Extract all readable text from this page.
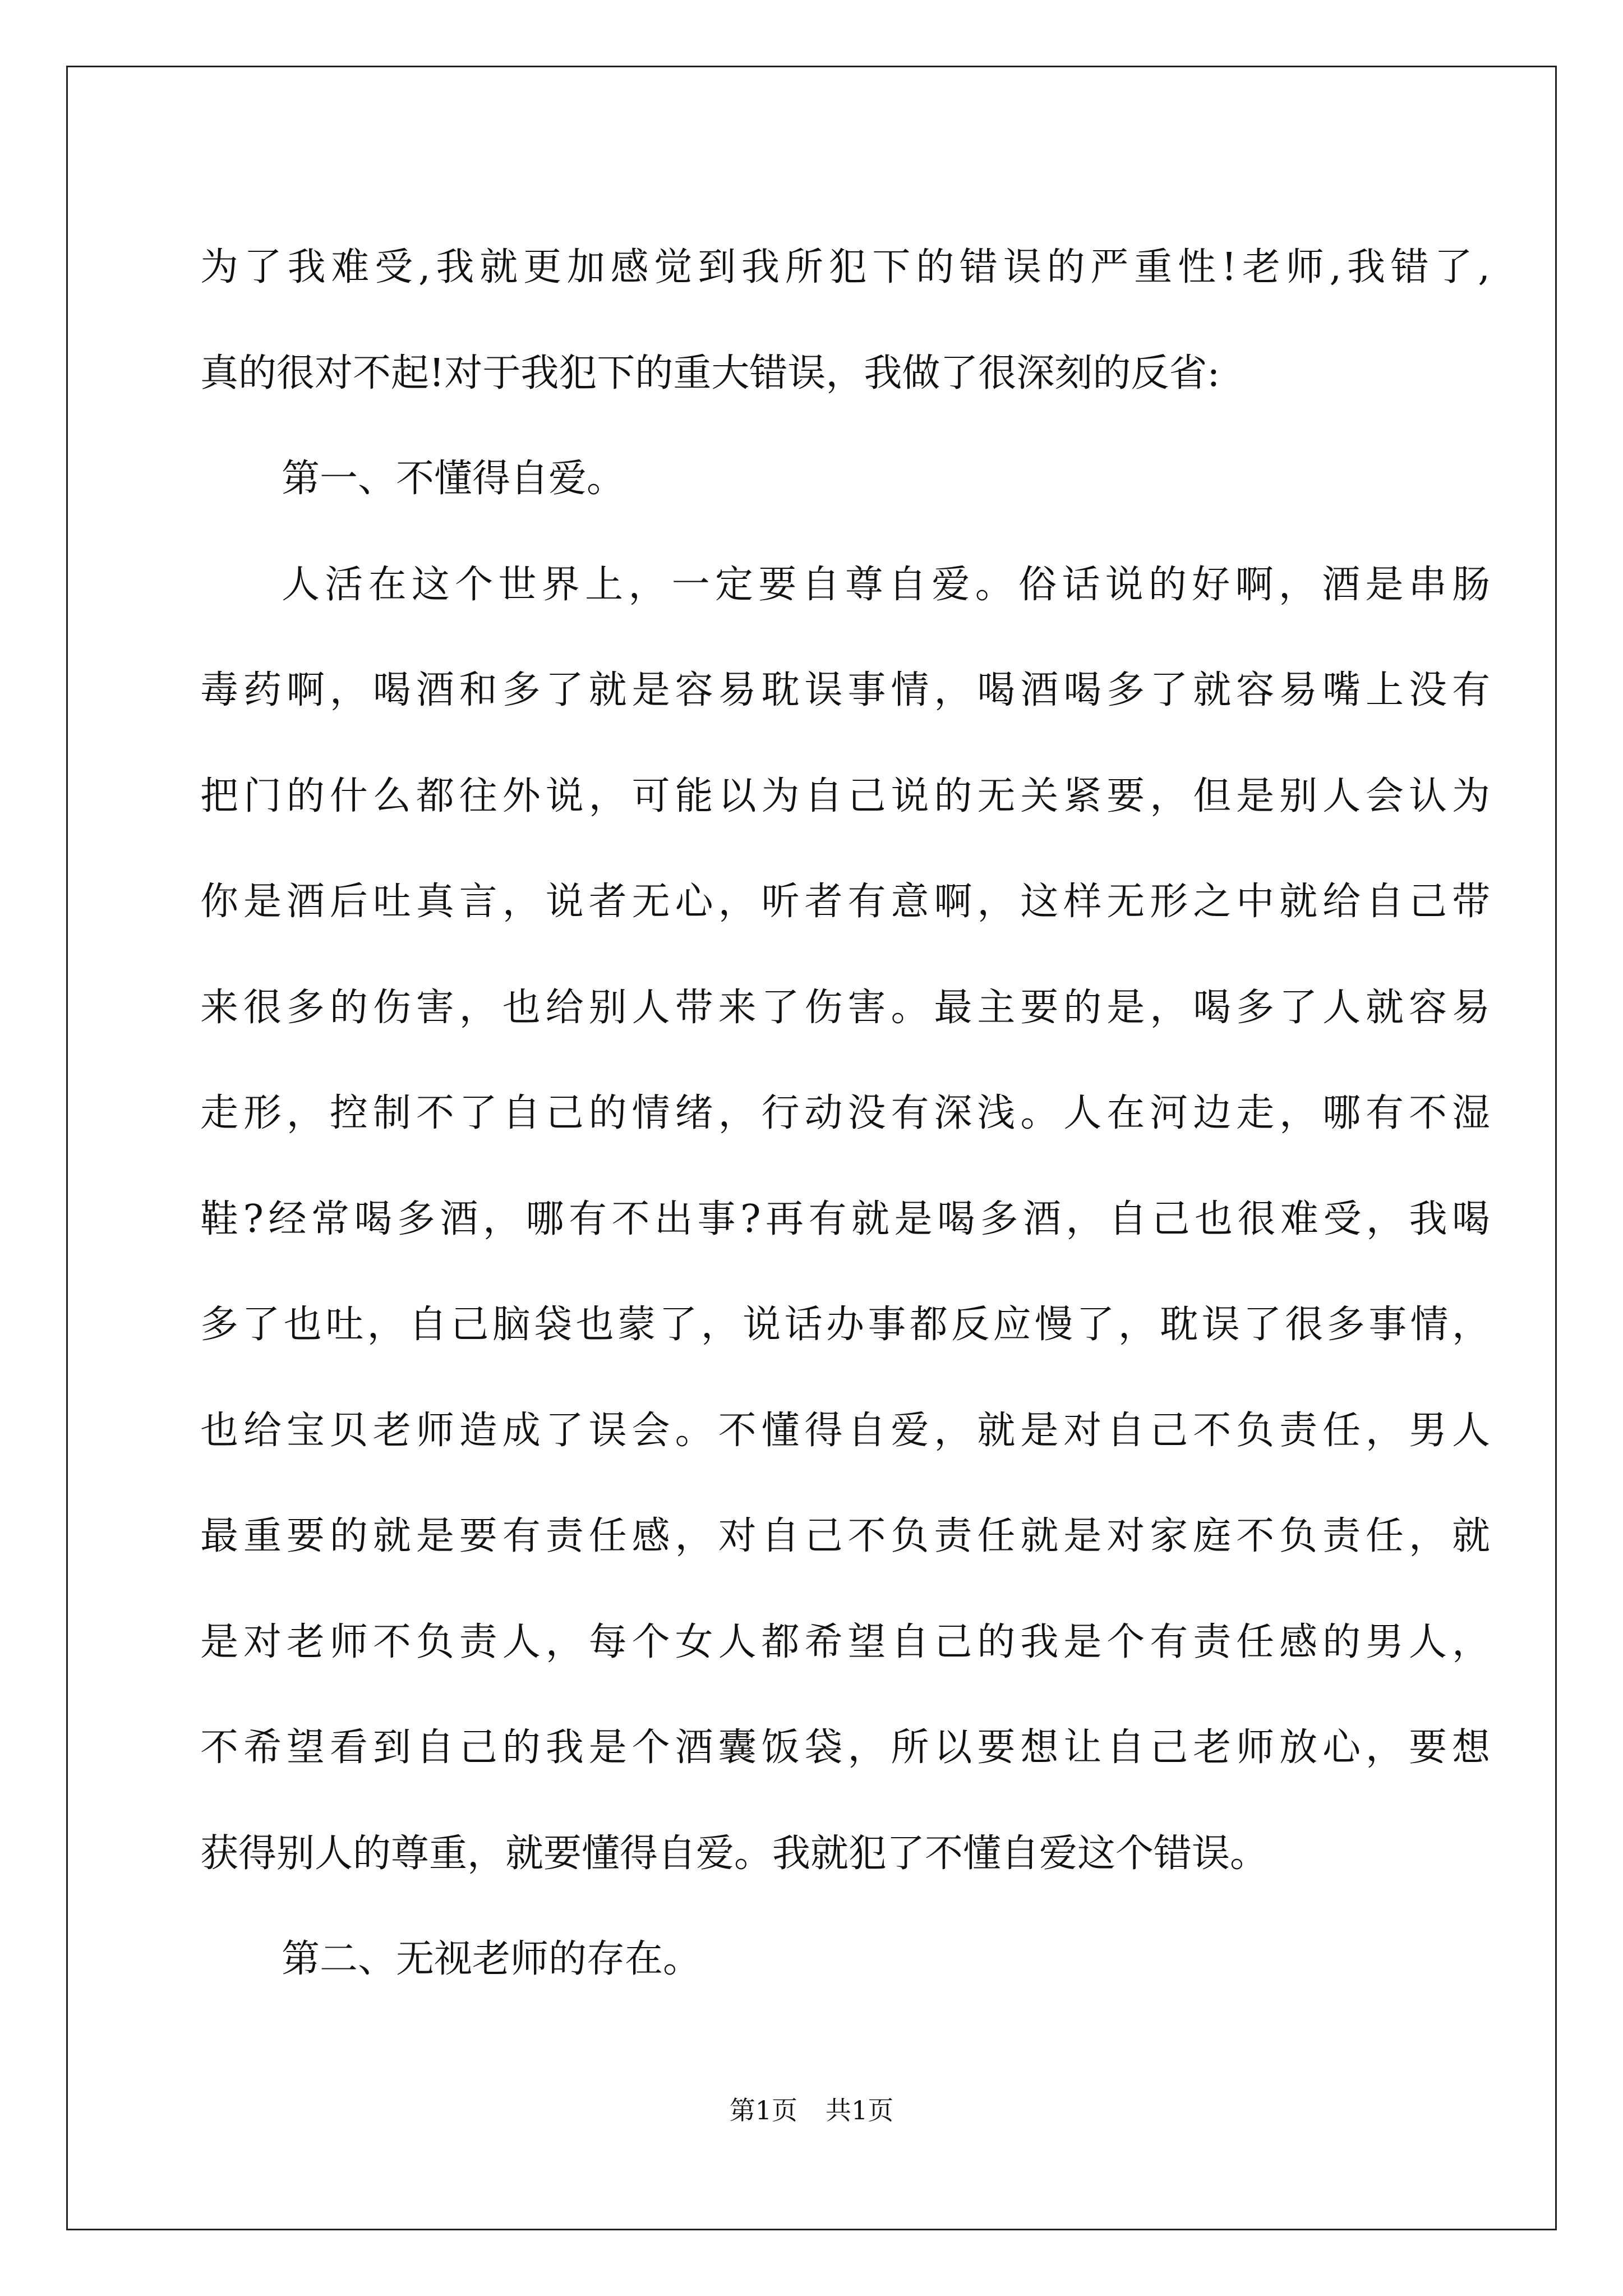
为了我难受,我就更加感觉到我所犯下的错误的严重性!老师,我错了,
真的很对不起!对于我犯下的重大错误，我做了很深刻的反省:
第一、不懂得自爱。
人活在这个世界上，一定要自尊自爱。俗话说的好啊，酒是串肠
毒药啊，喝酒和多了就是容易耽误事情，喝酒喝多了就容易嘴上没有
把门的什么都往外说，可能以为自己说的无关紧要，但是别人会认为
你是酒后吐真言，说者无心，听者有意啊，这样无形之中就给自己带
来很多的伤害，也给别人带来了伤害。最主要的是，喝多了人就容易
走形，控制不了自己的情绪，行动没有深浅。人在河边走，哪有不湿
鞋?经常喝多酒，哪有不出事?再有就是喝多酒，自己也很难受，我喝
多了也吐，自己脑袋也蒙了，说话办事都反应慢了，耽误了很多事情，
也给宝贝老师造成了误会。不懂得自爱，就是对自己不负责任，男人
最重要的就是要有责任感，对自己不负责任就是对家庭不负责任，就
是对老师不负责人，每个女人都希望自己的我是个有责任感的男人，
不希望看到自己的我是个酒囊饭袋，所以要想让自己老师放心，要想
获得别人的尊重，就要懂得自爱。我就犯了不懂自爱这个错误。
第二、无视老师的存在。
第1页 共1页
